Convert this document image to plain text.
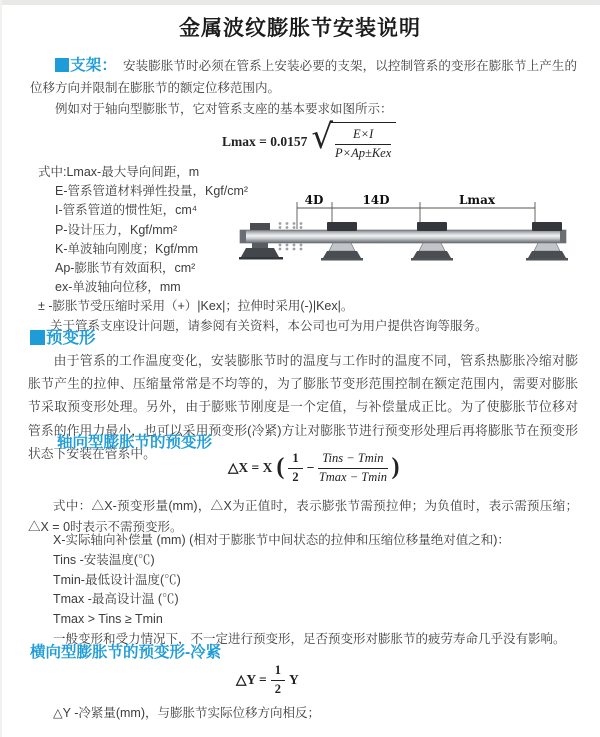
金属波纹膨胀节安装说明

支架： 安装膨胀节时必须在管系上安装必要的支架，以控制管系的变形在膨胀节上产生的位移方向并限制在膨胀节的额定位移范围内。

例如对于轴向型膨胀节，它对管系支座的基本要求如图所示：

Lmax = 0.0157 √ $\frac{E\times I}{\text{P×Ap±Kex}}$
式中:Lmax-最大导向间距，m
E-管系管道材料弹性投量，Kgf/cm²
I-管系管道的惯性矩，cm⁴
P-设计压力，Kgf/mm²
K-单波轴向刚度；Kgf/mm
Ap-膨胀节有效面积，cm²
ex-单波轴向位移，mm
± -膨胀节受压缩时采用（+）|Kex|；拉伸时采用(-)|Kex|。
关于管系支座设计问题，请参阅有关资料，本公司也可为用户提供咨询等服务。
4D	14D	Lmax
预变形

由于管系的工作温度变化，安装膨胀节时的温度与工作时的温度不同，管系热膨胀冷缩对膨胀节产生的拉伸、压缩量常常是不均等的，为了膨胀节变形范围控制在额定范围内，需要对膨胀节采取预变形处理。另外，由于膨账节刚度是一个定值，与补偿量成正比。为了使膨胀节位移对管系的作用力最小，也可以采用预变形(冷紧)方让对膨胀节进行预变形处理后再将膨胀节在预变形状态下安装在管系中。

轴向型膨胀节的预变形
△X = X ( $\frac{1}{2} - \frac{\text{Tins − Tmin}}{Tmax - Tmin}$ )

式中：△X-预变形量(mm)，△X为正值时，表示膨张节需预拉伸；为负值时，表示需预压缩；△X = 0时表示不需预变形。

X-实际轴向补偿量 (mm) (相对于膨胀节中间状态的拉伸和压缩位移量绝对值之和)：
Tins -安装温度(℃)
Tmin-最低设计温度(℃)
Tmax -最高设计温 (℃)
Tmax > Tins ≥ Tmin
一般变形和受力情况下，不一定进行预变形，足否预变形对膨胀节的疲劳寿命几乎没有影响。
横向型膨胀节的预变形-冷紧
△Y = $\frac{1}{2}$ Y

△Y -冷紧量(mm)，与膨胀节实际位移方向相反；
